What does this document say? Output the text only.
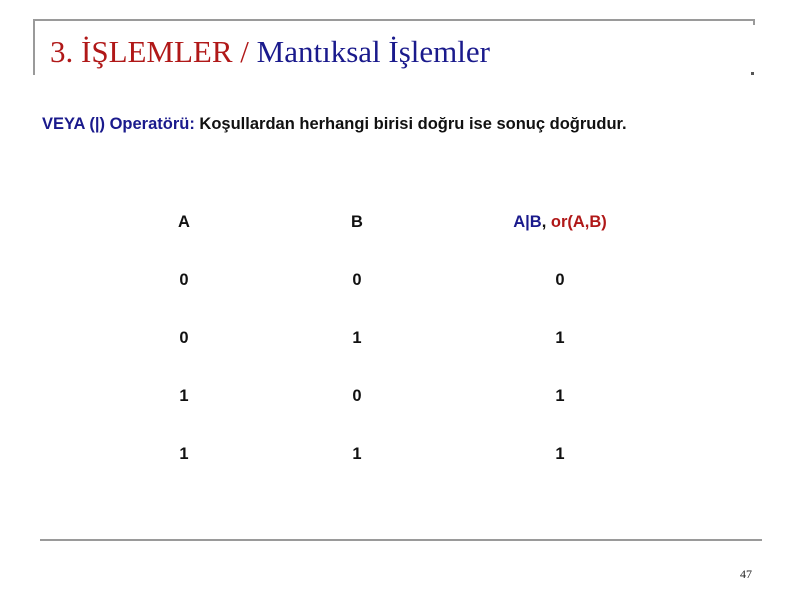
3. İŞLEMLER / Mantıksal İşlemler
VEYA (|) Operatörü: Koşullardan herhangi birisi doğru ise sonuç doğrudur.
A	B	A|B, or(A,B)
0	0	0
0	1	1
1	0	1
1	1	1
47
